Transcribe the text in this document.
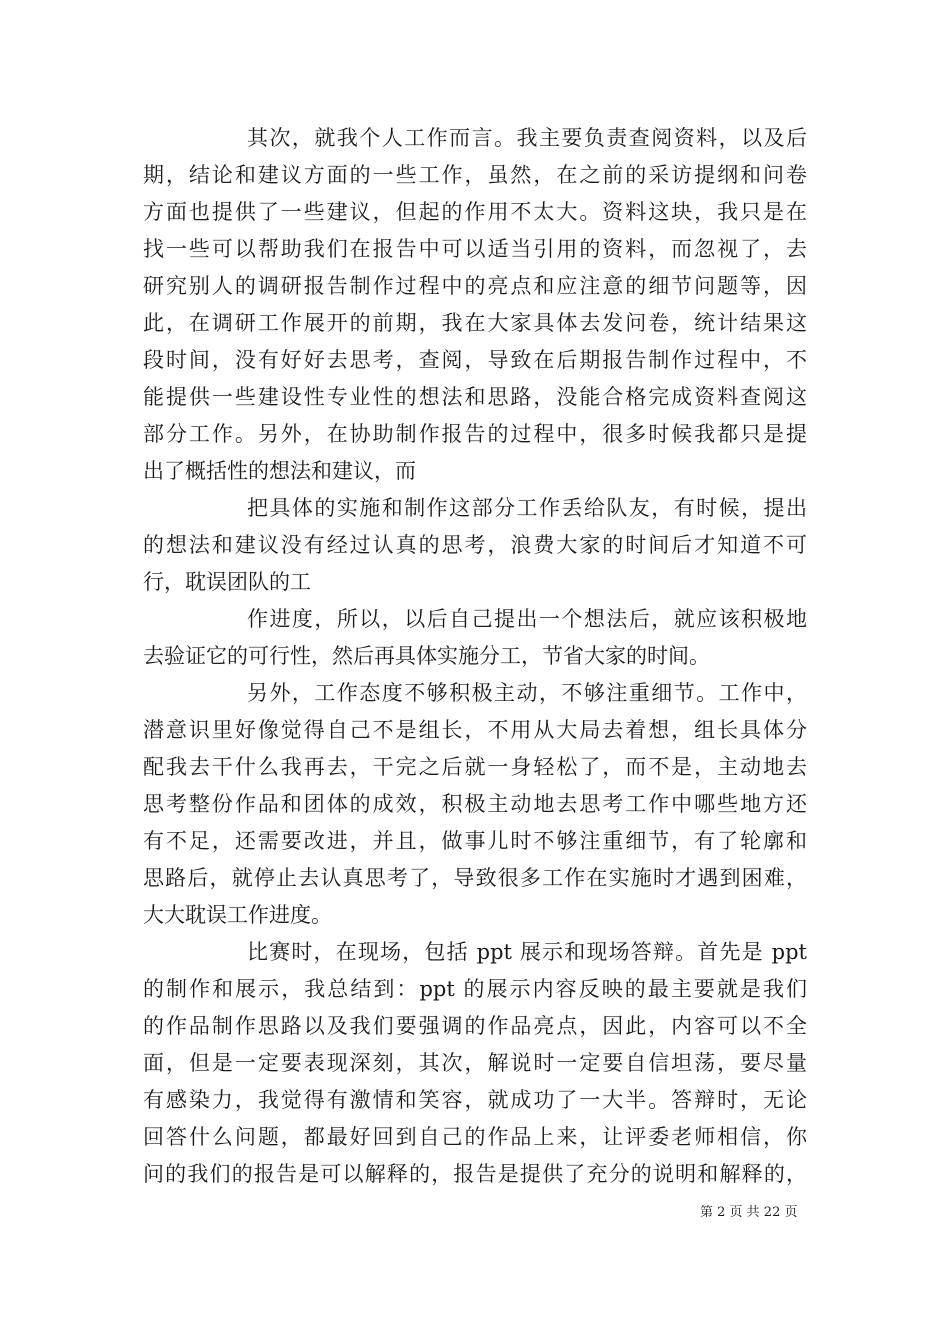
其次，就我个人工作而言。我主要负责查阅资料，以及后
期，结论和建议方面的一些工作，虽然，在之前的采访提纲和问卷
方面也提供了一些建议，但起的作用不太大。资料这块，我只是在
找一些可以帮助我们在报告中可以适当引用的资料，而忽视了，去
研究别人的调研报告制作过程中的亮点和应注意的细节问题等，因
此，在调研工作展开的前期，我在大家具体去发问卷，统计结果这
段时间，没有好好去思考，查阅，导致在后期报告制作过程中，不
能提供一些建设性专业性的想法和思路，没能合格完成资料查阅这
部分工作。另外，在协助制作报告的过程中，很多时候我都只是提
出了概括性的想法和建议，而
把具体的实施和制作这部分工作丢给队友，有时候，提出
的想法和建议没有经过认真的思考，浪费大家的时间后才知道不可
行，耽误团队的工
作进度，所以，以后自己提出一个想法后，就应该积极地
去验证它的可行性，然后再具体实施分工，节省大家的时间。
另外，工作态度不够积极主动，不够注重细节。工作中，
潜意识里好像觉得自己不是组长，不用从大局去着想，组长具体分
配我去干什么我再去，干完之后就一身轻松了，而不是，主动地去
思考整份作品和团体的成效，积极主动地去思考工作中哪些地方还
有不足，还需要改进，并且，做事儿时不够注重细节，有了轮廓和
思路后，就停止去认真思考了，导致很多工作在实施时才遇到困难，
大大耽误工作进度。
比赛时，在现场，包括 ppt 展示和现场答辩。首先是 ppt
的制作和展示，我总结到：ppt 的展示内容反映的最主要就是我们
的作品制作思路以及我们要强调的作品亮点，因此，内容可以不全
面，但是一定要表现深刻，其次，解说时一定要自信坦荡，要尽量
有感染力，我觉得有激情和笑容，就成功了一大半。答辩时，无论
回答什么问题，都最好回到自己的作品上来，让评委老师相信，你
问的我们的报告是可以解释的，报告是提供了充分的说明和解释的，
第 2 页 共 22 页
